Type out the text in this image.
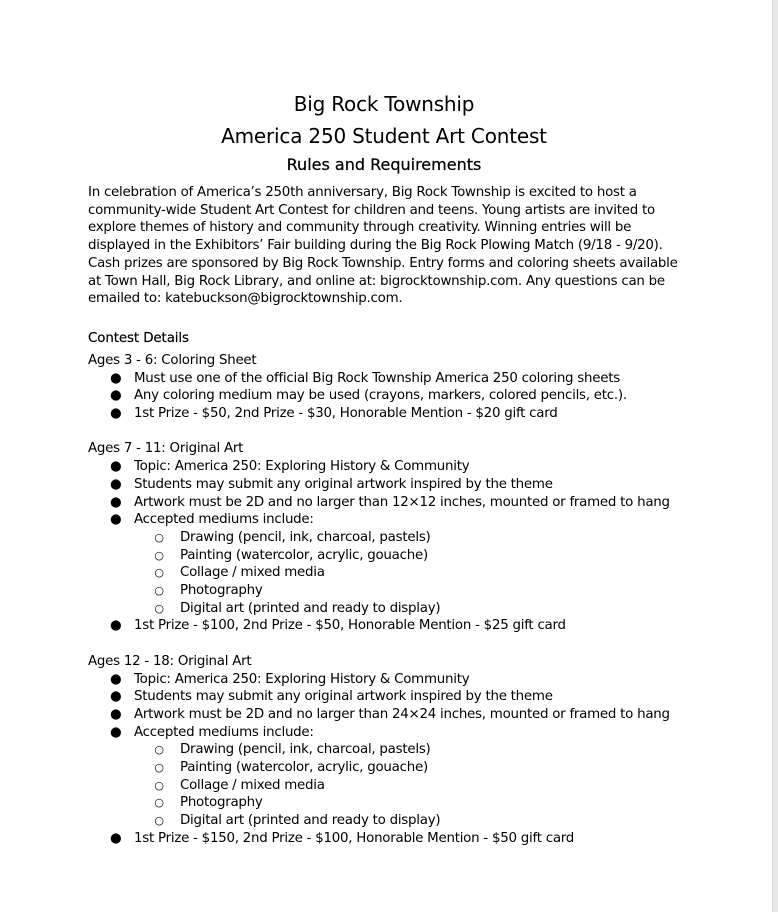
Big Rock Township
America 250 Student Art Contest
Rules and Requirements

In celebration of America’s 250th anniversary, Big Rock Township is excited to host a community-wide Student Art Contest for children and teens. Young artists are invited to explore themes of history and community through creativity. Winning entries will be displayed in the Exhibitors’ Fair building during the Big Rock Plowing Match (9/18 - 9/20). Cash prizes are sponsored by Big Rock Township. Entry forms and coloring sheets available at Town Hall, Big Rock Library, and online at: bigrocktownship.com. Any questions can be emailed to: katebuckson@bigrocktownship.com.

Contest Details
Ages 3 - 6: Coloring Sheet
● Must use one of the official Big Rock Township America 250 coloring sheets
● Any coloring medium may be used (crayons, markers, colored pencils, etc.).
● 1st Prize - $50, 2nd Prize - $30, Honorable Mention - $20 gift card
Ages 7 - 11: Original Art
● Topic: America 250: Exploring History & Community
● Students may submit any original artwork inspired by the theme
● Artwork must be 2D and no larger than 12×12 inches, mounted or framed to hang
● Accepted mediums include:
○ Drawing (pencil, ink, charcoal, pastels)
○ Painting (watercolor, acrylic, gouache)
○ Collage / mixed media
○ Photography
○ Digital art (printed and ready to display)
● 1st Prize - $100, 2nd Prize - $50, Honorable Mention - $25 gift card
Ages 12 - 18: Original Art
● Topic: America 250: Exploring History & Community
● Students may submit any original artwork inspired by the theme
● Artwork must be 2D and no larger than 24×24 inches, mounted or framed to hang
● Accepted mediums include:
○ Drawing (pencil, ink, charcoal, pastels)
○ Painting (watercolor, acrylic, gouache)
○ Collage / mixed media
○ Photography
○ Digital art (printed and ready to display)
● 1st Prize - $150, 2nd Prize - $100, Honorable Mention - $50 gift card
